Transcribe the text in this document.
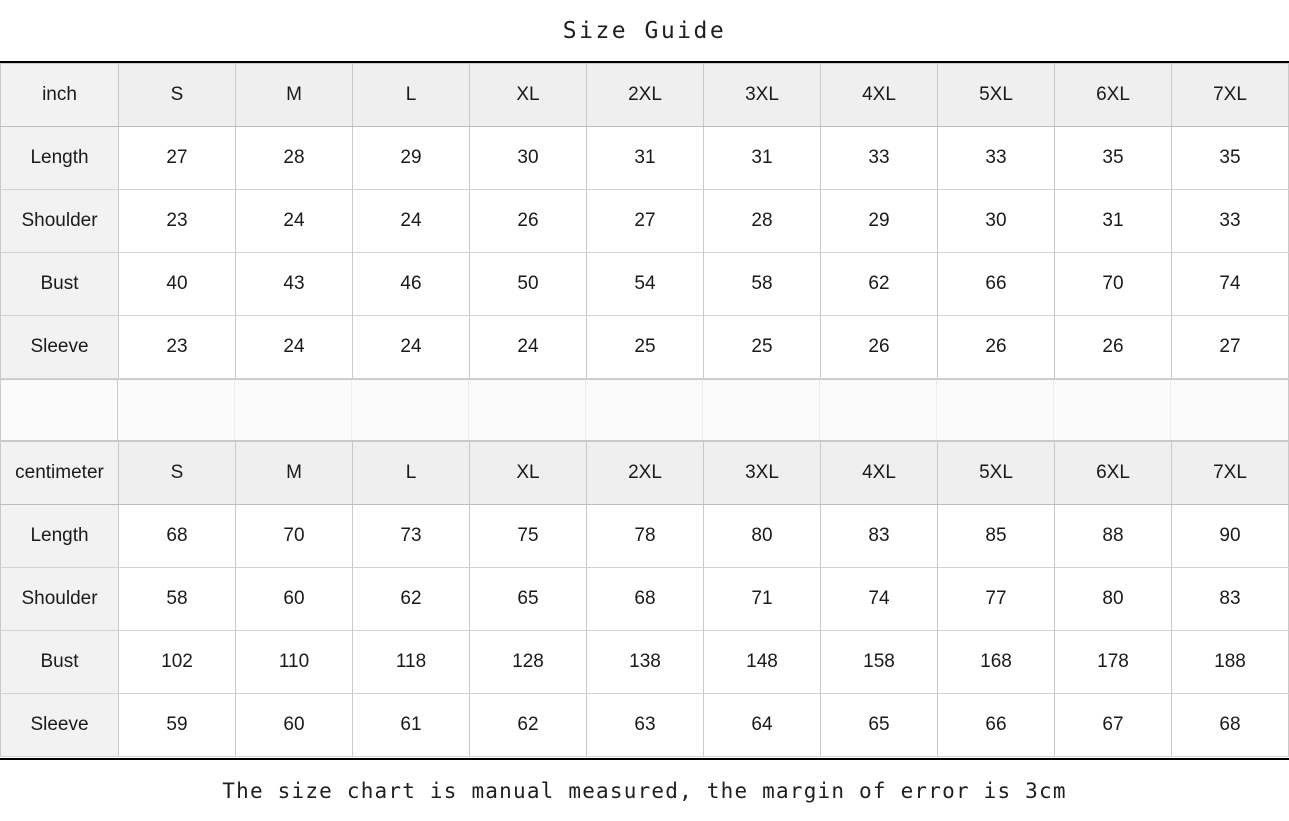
Size Guide
inch	S	M	L	XL	2XL	3XL	4XL	5XL	6XL	7XL
Length	27	28	29	30	31	31	33	33	35	35
Shoulder	23	24	24	26	27	28	29	30	31	33
Bust	40	43	46	50	54	58	62	66	70	74
Sleeve	23	24	24	24	25	25	26	26	26	27
centimeter	S	M	L	XL	2XL	3XL	4XL	5XL	6XL	7XL
Length	68	70	73	75	78	80	83	85	88	90
Shoulder	58	60	62	65	68	71	74	77	80	83
Bust	102	110	118	128	138	148	158	168	178	188
Sleeve	59	60	61	62	63	64	65	66	67	68
The size chart is manual measured, the margin of error is 3cm
